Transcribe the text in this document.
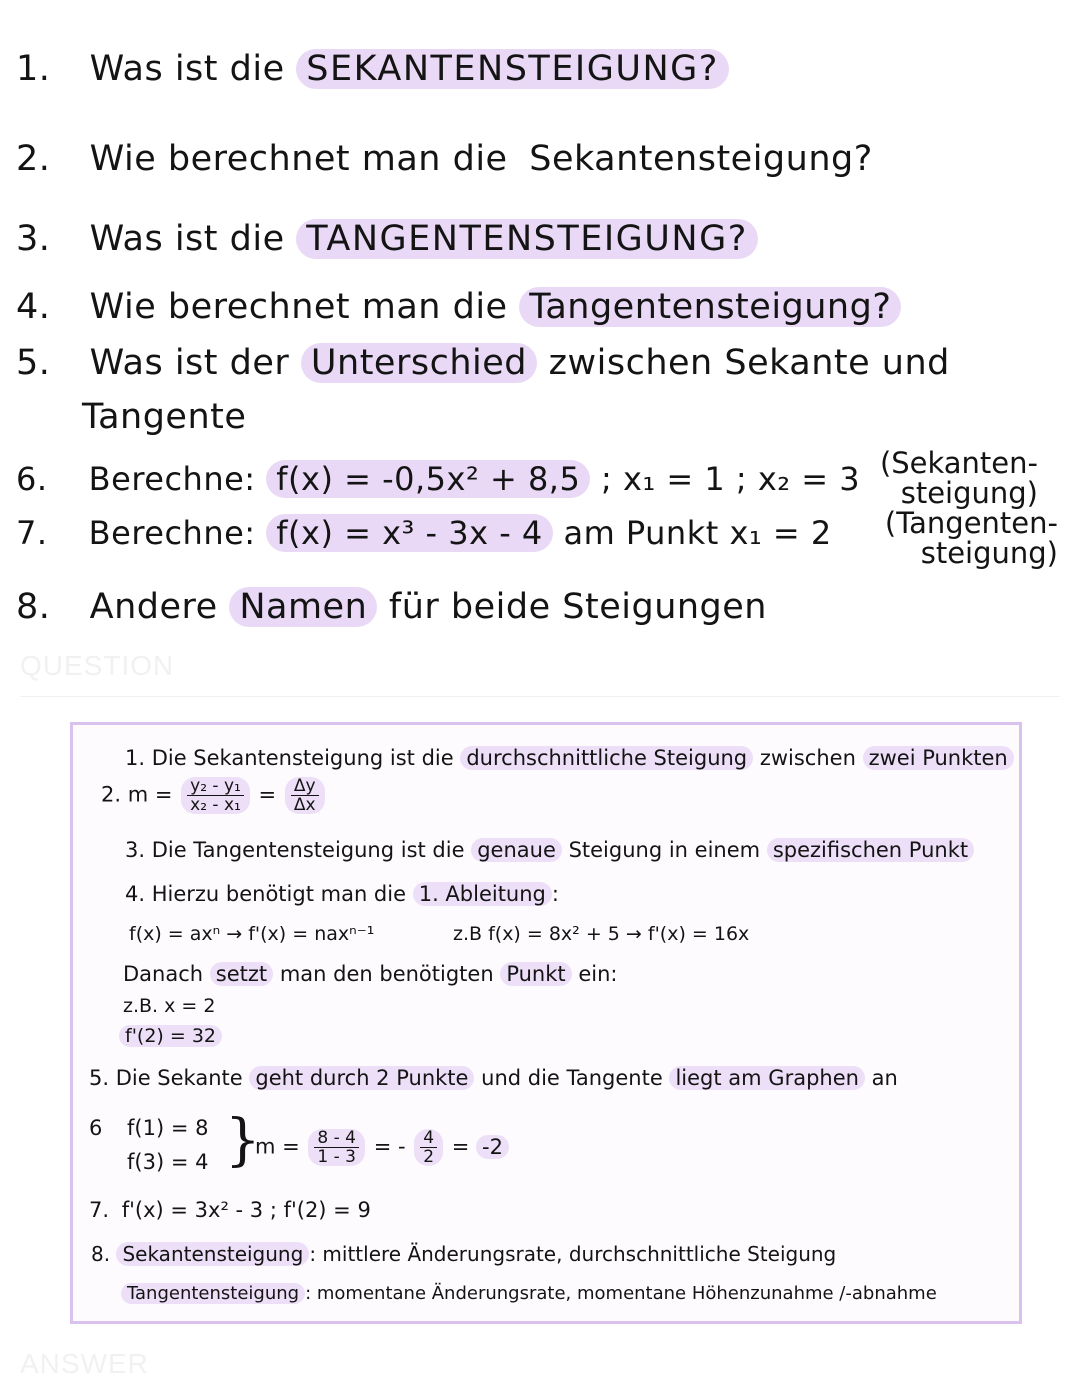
1. Was ist die SEKANTENSTEIGUNG?
2. Wie berechnet man die Sekantensteigung?
3. Was ist die TANGENTENSTEIGUNG?
4. Wie berechnet man die Tangentensteigung?
5. Was ist der Unterschied zwischen Sekante und
Tangente
6. Berechne: f(x) = -0,5x² + 8,5 ; x₁ = 1 ; x₂ = 3 (Sekanten-
steigung)
7. Berechne: f(x) = x³ - 3x - 4 am Punkt x₁ = 2 (Tangenten-
steigung)
8. Andere Namen für beide Steigungen
QUESTION
1. Die Sekantensteigung ist die durchschnittliche Steigung zwischen zwei Punkten
2. $m = \frac{\text{y₂ - y₁}}{\text{x₂ - x₁}} = \frac{\Delta y}{\Delta x}$
3. Die Tangentensteigung ist die genaue Steigung in einem spezifischen Punkt
4. Hierzu benötigt man die 1. Ableitung :
f(x) = axⁿ → f'(x) = naxⁿ⁻¹	z.B f(x) = 8x² + 5 → f'(x) = 16x
Danach setzt man den benötigten Punkt ein:
z.B. x = 2
f'(2) = 32
5. Die Sekante geht durch 2 Punkte und die Tangente liegt am Graphen an
6 f(1) = 8
f(3) = 4 }
$m = \frac{8 - 4}{1 - 3}$ = - $\frac{4}{2} = -2$
7. f'(x) = 3x² - 3 ; f'(2) = 9
8. Sekantensteigung : mittlere Änderungsrate, durchschnittliche Steigung
Tangentensteigung : momentane Änderungsrate, momentane Höhenzunahme /-abnahme
ANSWER
